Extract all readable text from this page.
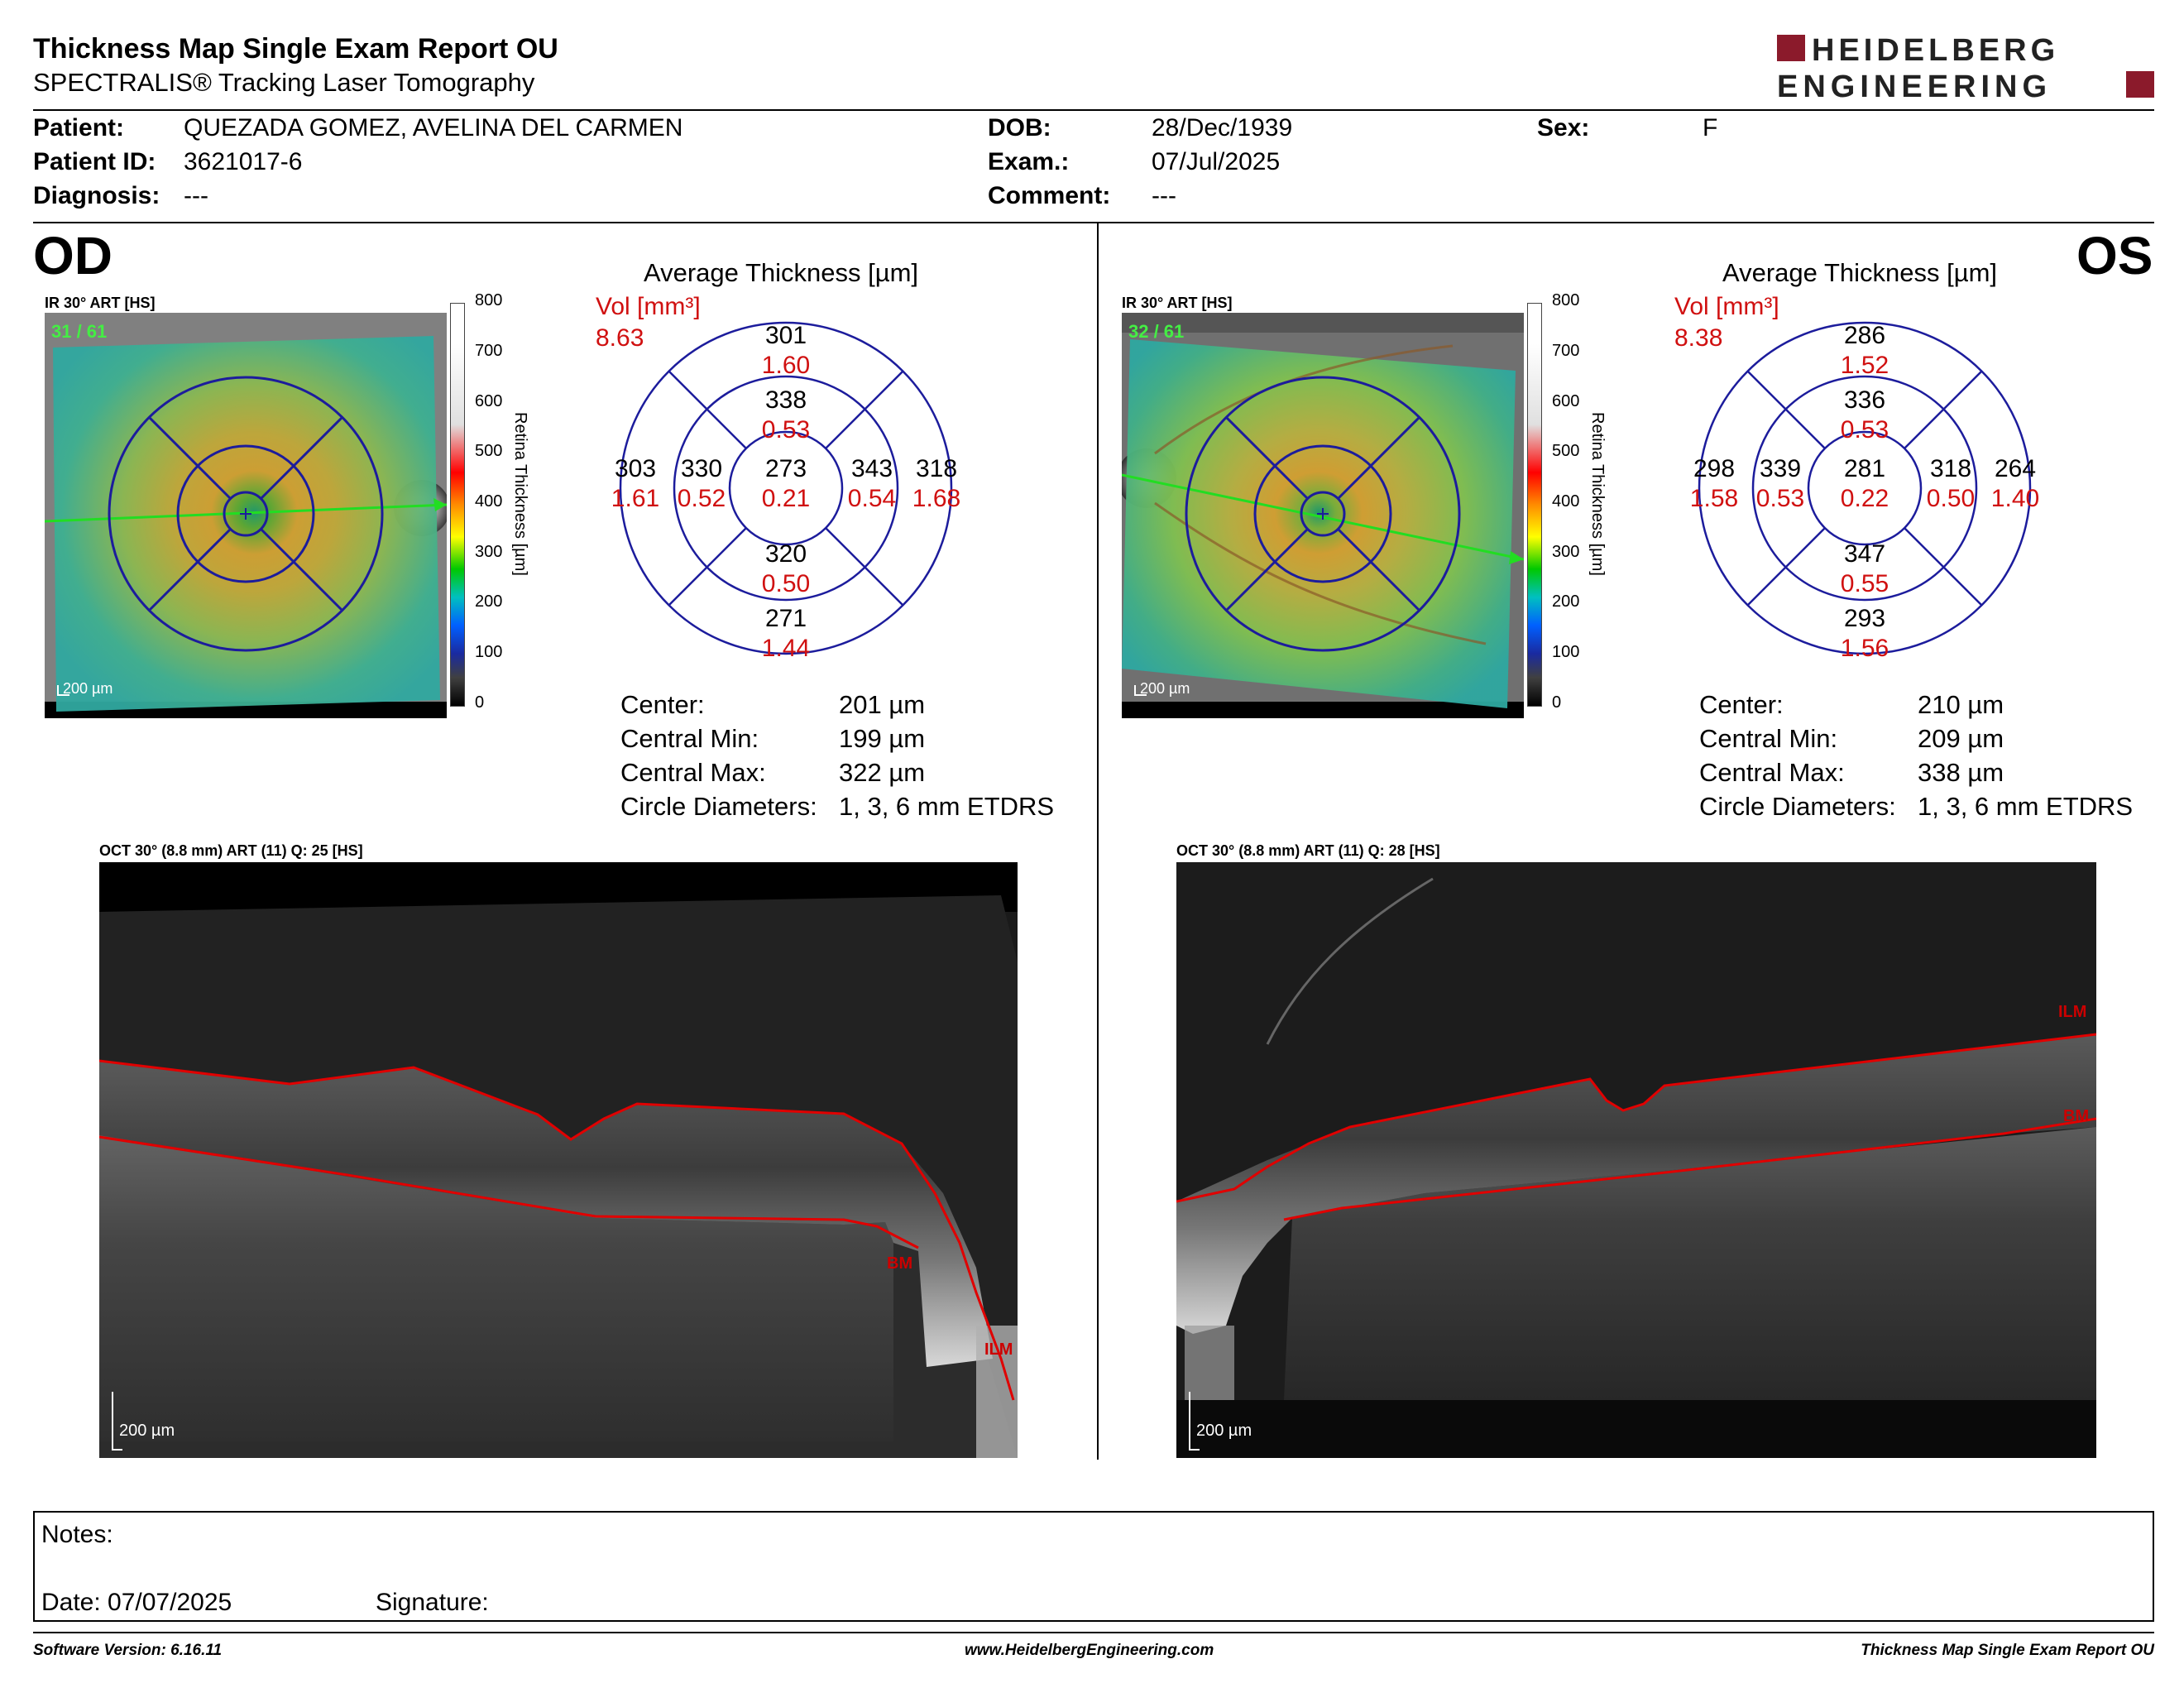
Thickness Map Single Exam Report OU
SPECTRALIS® Tracking Laser Tomography
HEIDELBERG
ENGINEERING
Patient: QUEZADA GOMEZ, AVELINA DEL CARMEN
Patient ID: 3621017-6
Diagnosis: ---
DOB:	28/Dec/1939
Exam.:	07/Jul/2025
Comment: ---
Sex:	F
OD
IR 30° ART [HS]
31 / 61
200 µm
800
700
600
500
400
300
200
100
0
Retina Thickness [µm]
Average Thickness [µm]
Vol [mm³]
8.63	301
1.60
338
0.53
303
1.61
330
0.52
273
0.21
343
0.54
318
1.68
320
0.50
271
1.44
Center:	201 µm
Central Min:	199 µm
Central Max:	322 µm
Circle Diameters: 1, 3, 6 mm ETDRS
OCT 30° (8.8 mm) ART (11) Q: 25 [HS]
BM
ILM
200 µm
OS
IR 30° ART [HS]
32 / 61
200 µm
800
700
600
500
400
300
200
100
0
Retina Thickness [µm]
Average Thickness [µm]
Vol [mm³]
8.38	286
1.52
336
0.53
298
1.58
339
0.53
281
0.22
318
0.50
264
1.40
347
0.55
293
1.56
Center:	210 µm
Central Min:	209 µm
Central Max:	338 µm
Circle Diameters: 1, 3, 6 mm ETDRS
OCT 30° (8.8 mm) ART (11) Q: 28 [HS]
ILM
BM
200 µm
Notes:
Date: 07/07/2025	Signature:
Software Version: 6.16.11	www.HeidelbergEngineering.com	Thickness Map Single Exam Report OU
